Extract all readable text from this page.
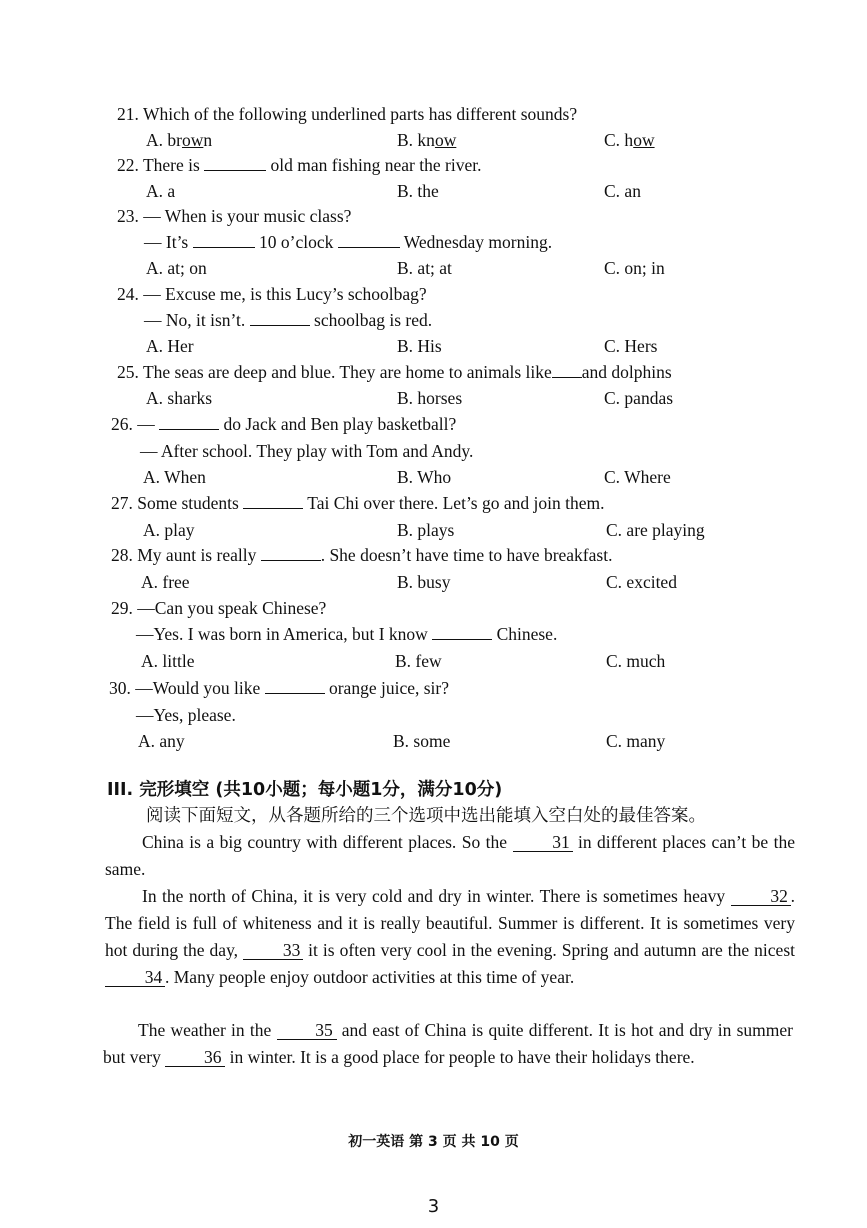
21. Which of the following underlined parts has different sounds?
A. brown	B. know	C. how
22. There is	old man fishing near the river.
A. a	B. the	C. an
23. — When is your music class?
— It’s	10 o’clock	Wednesday morning.
A. at; on	B. at; at	C. on; in
24. — Excuse me, is this Lucy’s schoolbag?
— No, it isn’t.	schoolbag is red.
A. Her	B. His	C. Hers
25. The seas are deep and blue. They are home to animals like and dolphins
A. sharks	B. horses	C. pandas
26. —	do Jack and Ben play basketball?
— After school. They play with Tom and Andy.
A. When	B. Who	C. Where
27. Some students	Tai Chi over there. Let’s go and join them.
A. play	B. plays	C. are playing
28. My aunt is really	. She doesn’t have time to have breakfast.
A. free	B. busy	C. excited
29. —Can you speak Chinese?
—Yes. I was born in America, but I know	Chinese.
A. little	B. few	C. much
30. —Would you like	orange juice, sir?
—Yes, please.
A. any	B. some	C. many
III. 完形填空 (共10小题；每小题1分，满分10分)
阅读下面短文，从各题所给的三个选项中选出能填入空白处的最佳答案。
China is a big country with different places. So the 31 in different places can’t be the same.
In the north of China, it is very cold and dry in winter. There is sometimes heavy 32 . The field is full of whiteness and it is really beautiful. Summer is different. It is sometimes very hot during the day, 33 it is often very cool in the evening. Spring and autumn are the nicest 34 . Many people enjoy outdoor activities at this time of year.
The weather in the 35 and east of China is quite different. It is hot and dry in summer but very 36 in winter. It is a good place for people to have their holidays there.
初一英语 第 3 页 共 10 页
3
